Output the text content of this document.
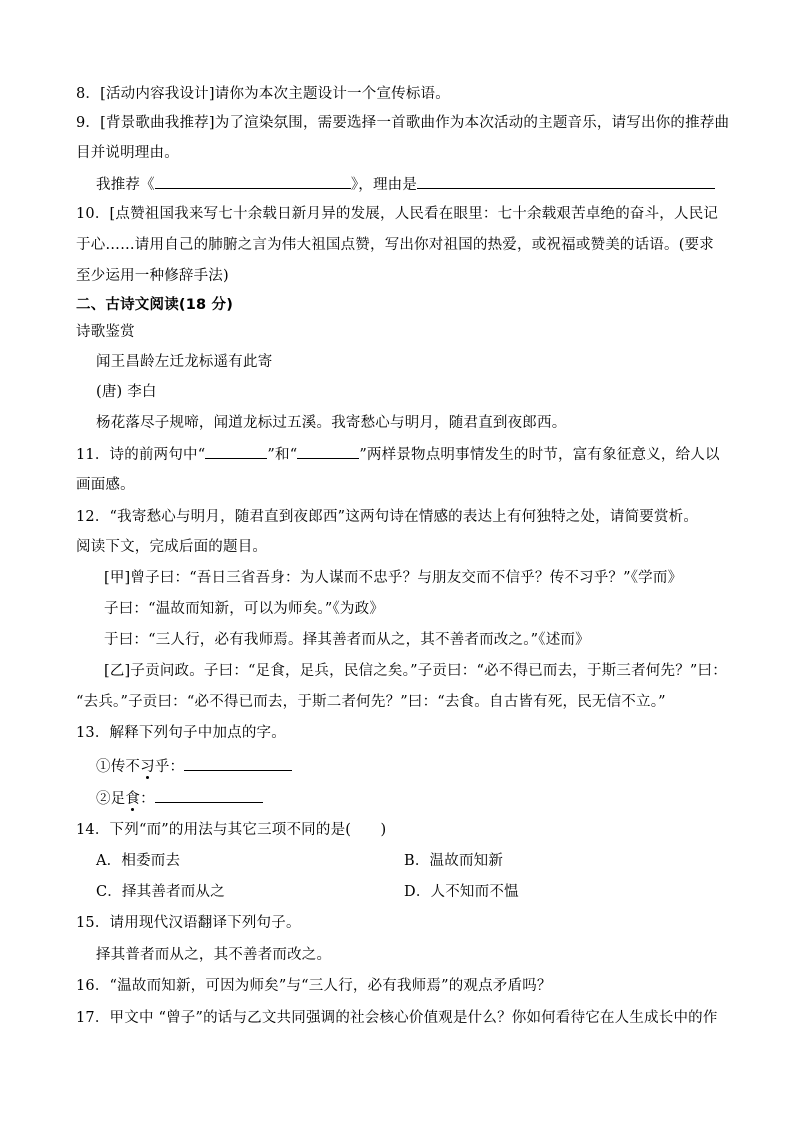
8．[活动内容我设计]请你为本次主题设计一个宣传标语。
9．[背景歌曲我推荐]为了渲染氛围，需要选择一首歌曲作为本次活动的主题音乐，请写出你的推荐曲
目并说明理由。
我推荐《	》，理由是
10．[点赞祖国我来写七十余载日新月异的发展，人民看在眼里：七十余载艰苦卓绝的奋斗，人民记
于心……请用自己的肺腑之言为伟大祖国点赞，写出你对祖国的热爱，或祝福或赞美的话语。(要求
至少运用一种修辞手法)
二、古诗文阅读(18 分)
诗歌鉴赏
闻王昌龄左迁龙标遥有此寄
(唐) 李白
杨花落尽子规啼，闻道龙标过五溪。我寄愁心与明月，随君直到夜郎西。
11．诗的前两句中“	”和“	”两样景物点明事情发生的时节，富有象征意义，给人以
画面感。
12．“我寄愁心与明月，随君直到夜郎西”这两句诗在情感的表达上有何独特之处，请简要赏析。
阅读下文，完成后面的题目。
[甲]曾子曰：“吾日三省吾身：为人谋而不忠乎？与朋友交而不信乎？传不习乎？”《学而》
子曰：“温故而知新，可以为师矣。”《为政》
于曰：“三人行，必有我师焉。择其善者而从之，其不善者而改之。”《述而》
[乙]子贡问政。子曰：“足食，足兵，民信之矣。”子贡曰：“必不得已而去，于斯三者何先？”曰：
“去兵。”子贡曰：“必不得已而去，于斯二者何先？”曰：“去食。自古皆有死，民无信不立。”
13．解释下列句子中加点的字。
①传不习乎：
②足食：
14．下列“而”的用法与其它三项不同的是(　　)
A．相委而去	B．温故而知新
C．择其善者而从之	D．人不知而不愠
15．请用现代汉语翻译下列句子。
择其普者而从之，其不善者而改之。
16．“温故而知新，可因为师矣”与“三人行，必有我师焉”的观点矛盾吗？
17．甲文中 “曾子”的话与乙文共同强调的社会核心价值观是什么？你如何看待它在人生成长中的作
